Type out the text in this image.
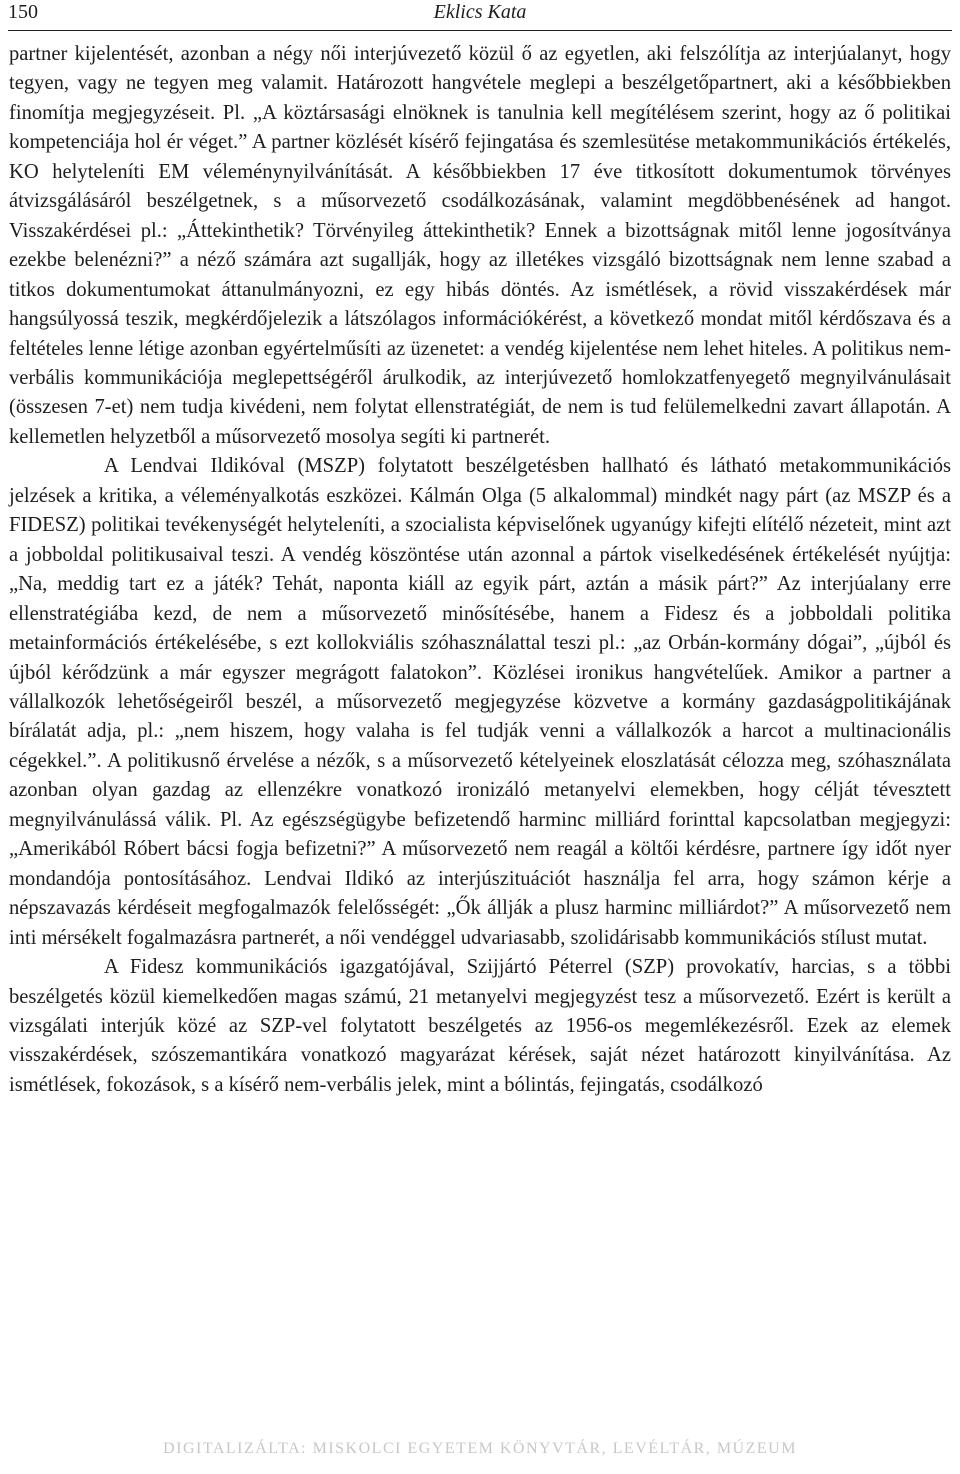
150	Eklics Kata

partner kijelentését, azonban a négy női interjúvezető közül ő az egyetlen, aki felszólítja az interjúalanyt, hogy tegyen, vagy ne tegyen meg valamit. Határozott hangvétele meglepi a beszélgetőpartnert, aki a későbbiekben finomítja megjegyzéseit. Pl. „A köztársasági elnöknek is tanulnia kell megítélésem szerint, hogy az ő politikai kompetenciája hol ér véget.” A partner közlését kísérő fejingatása és szemlesütése metakommunikációs értékelés, KO helyteleníti EM véleménynyilvánítását. A későbbiekben 17 éve titkosított dokumentumok törvényes átvizsgálásáról beszélgetnek, s a műsorvezető csodálkozásának, valamint megdöbbenésének ad hangot. Visszakérdései pl.: „Áttekinthetik? Törvényileg áttekinthetik? Ennek a bizottságnak mitől lenne jogosítványa ezekbe belenézni?” a néző számára azt sugallják, hogy az illetékes vizsgáló bizottságnak nem lenne szabad a titkos dokumentumokat áttanulmányozni, ez egy hibás döntés. Az ismétlések, a rövid visszakérdések már hangsúlyossá teszik, megkérdőjelezik a látszólagos információkérést, a következő mondat mitől kérdőszava és a feltételes lenne létige azonban egyértelműsíti az üzenetet: a vendég kijelentése nem lehet hiteles. A politikus nem-verbális kommunikációja meglepettségéről árulkodik, az interjúvezető homlokzatfenyegető megnyilvánulásait (összesen 7-et) nem tudja kivédeni, nem folytat ellenstratégiát, de nem is tud felülemelkedni zavart állapotán. A kellemetlen helyzetből a műsorvezető mosolya segíti ki partnerét.

A Lendvai Ildikóval (MSZP) folytatott beszélgetésben hallható és látható metakommunikációs jelzések a kritika, a véleményalkotás eszközei. Kálmán Olga (5 alkalommal) mindkét nagy párt (az MSZP és a FIDESZ) politikai tevékenységét helyteleníti, a szocialista képviselőnek ugyanúgy kifejti elítélő nézeteit, mint azt a jobboldal politikusaival teszi. A vendég köszöntése után azonnal a pártok viselkedésének értékelését nyújtja: „Na, meddig tart ez a játék? Tehát, naponta kiáll az egyik párt, aztán a másik párt?” Az interjúalany erre ellenstratégiába kezd, de nem a műsorvezető minősítésébe, hanem a Fidesz és a jobboldali politika metainformációs értékelésébe, s ezt kollokviális szóhasználattal teszi pl.: „az Orbán-kormány dógai”, „újból és újból kérődzünk a már egyszer megrágott falatokon”. Közlései ironikus hangvételűek. Amikor a partner a vállalkozók lehetőségeiről beszél, a műsorvezető megjegyzése közvetve a kormány gazdaságpolitikájának bírálatát adja, pl.: „nem hiszem, hogy valaha is fel tudják venni a vállalkozók a harcot a multinacionális cégekkel.”. A politikusnő érvelése a nézők, s a műsorvezető kételyeinek eloszlatását célozza meg, szóhasználata azonban olyan gazdag az ellenzékre vonatkozó ironizáló metanyelvi elemekben, hogy célját tévesztett megnyilvánulássá válik. Pl. Az egészségügybe befizetendő harminc milliárd forinttal kapcsolatban megjegyzi: „Amerikából Róbert bácsi fogja befizetni?” A műsorvezető nem reagál a költői kérdésre, partnere így időt nyer mondandója pontosításához. Lendvai Ildikó az interjúszituációt használja fel arra, hogy számon kérje a népszavazás kérdéseit megfogalmazók felelősségét: „Ők állják a plusz harminc milliárdot?” A műsorvezető nem inti mérsékelt fogalmazásra partnerét, a női vendéggel udvariasabb, szolidárisabb kommunikációs stílust mutat.

A Fidesz kommunikációs igazgatójával, Szijjártó Péterrel (SZP) provokatív, harcias, s a többi beszélgetés közül kiemelkedően magas számú, 21 metanyelvi megjegyzést tesz a műsorvezető. Ezért is került a vizsgálati interjúk közé az SZP-vel folytatott beszélgetés az 1956-os megemlékezésről. Ezek az elemek visszakérdések, szószemantikára vonatkozó magyarázat kérések, saját nézet határozott kinyilvánítása. Az ismétlések, fokozások, s a kísérő nem-verbális jelek, mint a bólintás, fejingatás, csodálkozó

DIGITALIZÁLTA: MISKOLCI EGYETEM KÖNYVTÁR, LEVÉLTÁR, MÚZEUM
